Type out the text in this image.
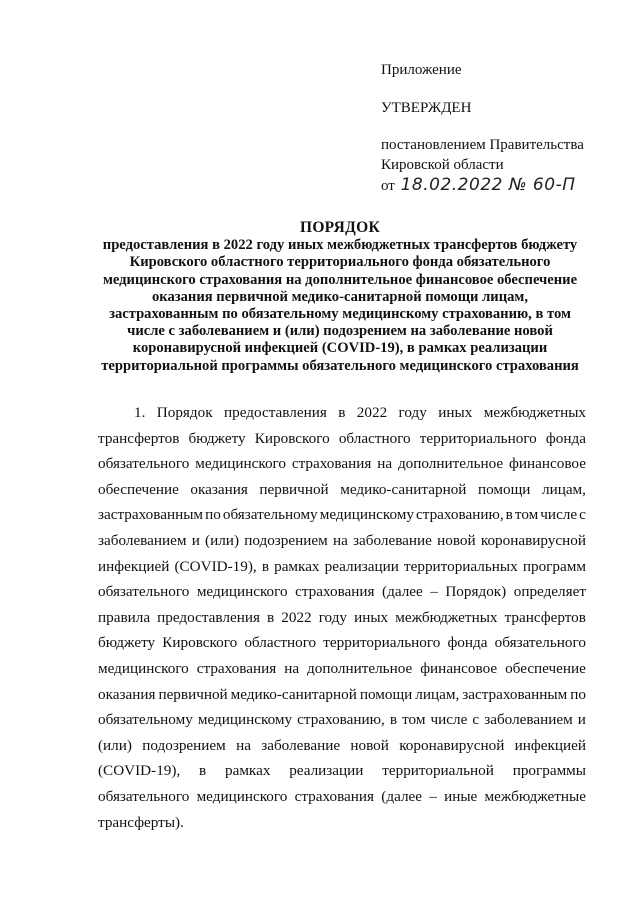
Приложение
УТВЕРЖДЕН
постановлением Правительства
Кировской области
от 18.02.2022 № 60-П
ПОРЯДОК
предоставления в 2022 году иных межбюджетных трансфертов бюджету
Кировского областного территориального фонда обязательного
медицинского страхования на дополнительное финансовое обеспечение
оказания первичной медико-санитарной помощи лицам,
застрахованным по обязательному медицинскому страхованию, в том
числе с заболеванием и (или) подозрением на заболевание новой
коронавирусной инфекцией (COVID-19), в рамках реализации
территориальной программы обязательного медицинского страхования
1. Порядок предоставления в 2022 году иных межбюджетных
трансфертов бюджету Кировского областного территориального фонда
обязательного медицинского страхования на дополнительное финансовое
обеспечение оказания первичной медико-санитарной помощи лицам,
застрахованным по обязательному медицинскому страхованию, в том числе с
заболеванием и (или) подозрением на заболевание новой коронавирусной
инфекцией (COVID-19), в рамках реализации территориальных программ
обязательного медицинского страхования (далее – Порядок) определяет
правила предоставления в 2022 году иных межбюджетных трансфертов
бюджету Кировского областного территориального фонда обязательного
медицинского страхования на дополнительное финансовое обеспечение
оказания первичной медико-санитарной помощи лицам, застрахованным по
обязательному медицинскому страхованию, в том числе с заболеванием и
(или) подозрением на заболевание новой коронавирусной инфекцией
(COVID-19), в рамках реализации территориальной программы
обязательного медицинского страхования (далее – иные межбюджетные
трансферты).
